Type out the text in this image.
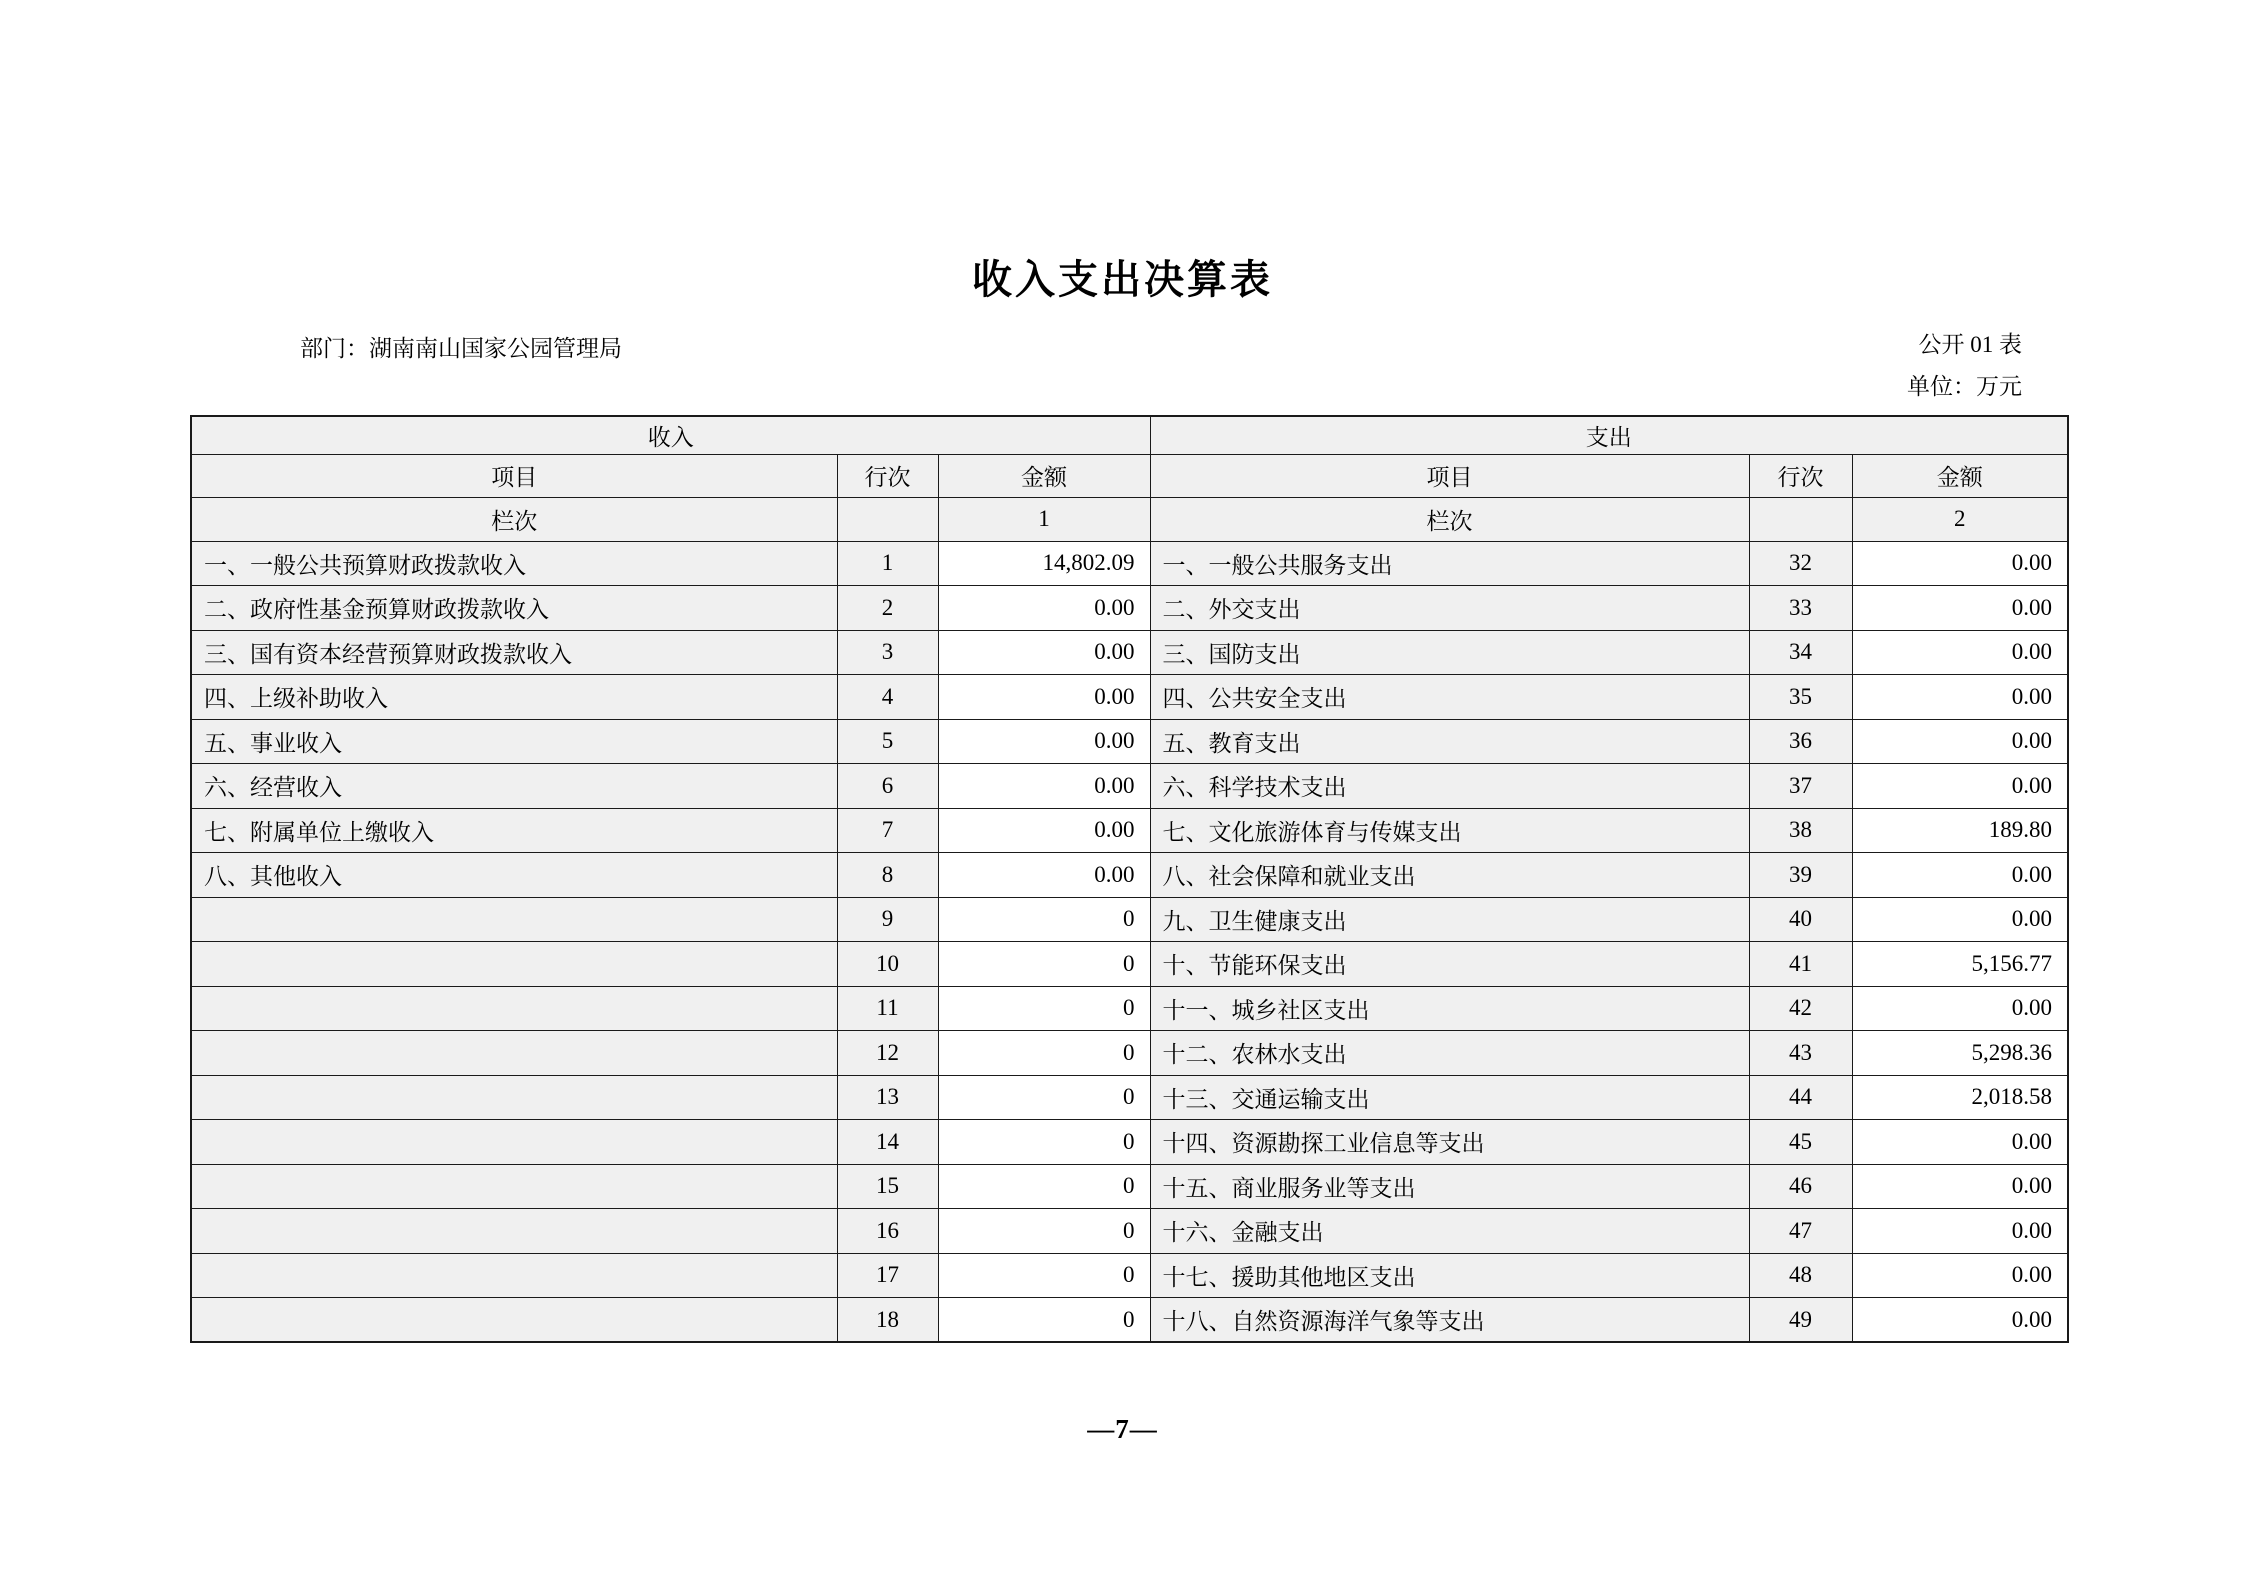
收入支出决算表
部门：湖南南山国家公园管理局	公开 01 表
单位：万元
收入			支出		
项目	行次	金额	项目	行次	金额
栏次		1	栏次		2
一、一般公共预算财政拨款收入	1	14,802.09	一、一般公共服务支出	32	0.00
二、政府性基金预算财政拨款收入	2	0.00	二、外交支出	33	0.00
三、国有资本经营预算财政拨款收入	3	0.00	三、国防支出	34	0.00
四、上级补助收入	4	0.00	四、公共安全支出	35	0.00
五、事业收入	5	0.00	五、教育支出	36	0.00
六、经营收入	6	0.00	六、科学技术支出	37	0.00
七、附属单位上缴收入	7	0.00	七、文化旅游体育与传媒支出	38	189.80
八、其他收入	8	0.00	八、社会保障和就业支出	39	0.00
	9	0	九、卫生健康支出	40	0.00
	10	0	十、节能环保支出	41	5,156.77
	11	0	十一、城乡社区支出	42	0.00
	12	0	十二、农林水支出	43	5,298.36
	13	0	十三、交通运输支出	44	2,018.58
	14	0	十四、资源勘探工业信息等支出	45	0.00
	15	0	十五、商业服务业等支出	46	0.00
	16	0	十六、金融支出	47	0.00
	17	0	十七、援助其他地区支出	48	0.00
	18	0	十八、自然资源海洋气象等支出	49	0.00
—7—
